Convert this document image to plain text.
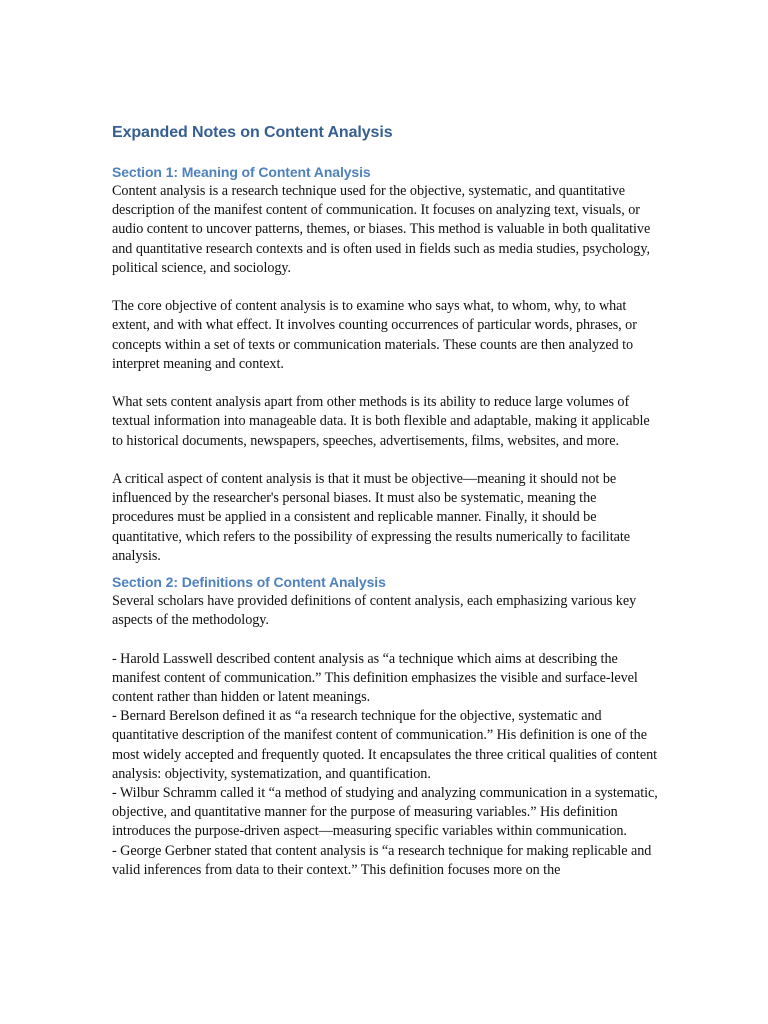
Expanded Notes on Content Analysis
Section 1: Meaning of Content Analysis

Content analysis is a research technique used for the objective, systematic, and quantitative description of the manifest content of communication. It focuses on analyzing text, visuals, or audio content to uncover patterns, themes, or biases. This method is valuable in both qualitative and quantitative research contexts and is often used in fields such as media studies, psychology, political science, and sociology.

The core objective of content analysis is to examine who says what, to whom, why, to what extent, and with what effect. It involves counting occurrences of particular words, phrases, or concepts within a set of texts or communication materials. These counts are then analyzed to interpret meaning and context.

What sets content analysis apart from other methods is its ability to reduce large volumes of textual information into manageable data. It is both flexible and adaptable, making it applicable to historical documents, newspapers, speeches, advertisements, films, websites, and more.

A critical aspect of content analysis is that it must be objective—meaning it should not be influenced by the researcher's personal biases. It must also be systematic, meaning the procedures must be applied in a consistent and replicable manner. Finally, it should be quantitative, which refers to the possibility of expressing the results numerically to facilitate analysis.

Section 2: Definitions of Content Analysis

Several scholars have provided definitions of content analysis, each emphasizing various key aspects of the methodology.

- Harold Lasswell described content analysis as “a technique which aims at describing the manifest content of communication.” This definition emphasizes the visible and surface-level content rather than hidden or latent meanings.

- Bernard Berelson defined it as “a research technique for the objective, systematic and quantitative description of the manifest content of communication.” His definition is one of the most widely accepted and frequently quoted. It encapsulates the three critical qualities of content analysis: objectivity, systematization, and quantification.

- Wilbur Schramm called it “a method of studying and analyzing communication in a systematic, objective, and quantitative manner for the purpose of measuring variables.” His definition introduces the purpose-driven aspect—measuring specific variables within communication.

- George Gerbner stated that content analysis is “a research technique for making replicable and valid inferences from data to their context.” This definition focuses more on the
